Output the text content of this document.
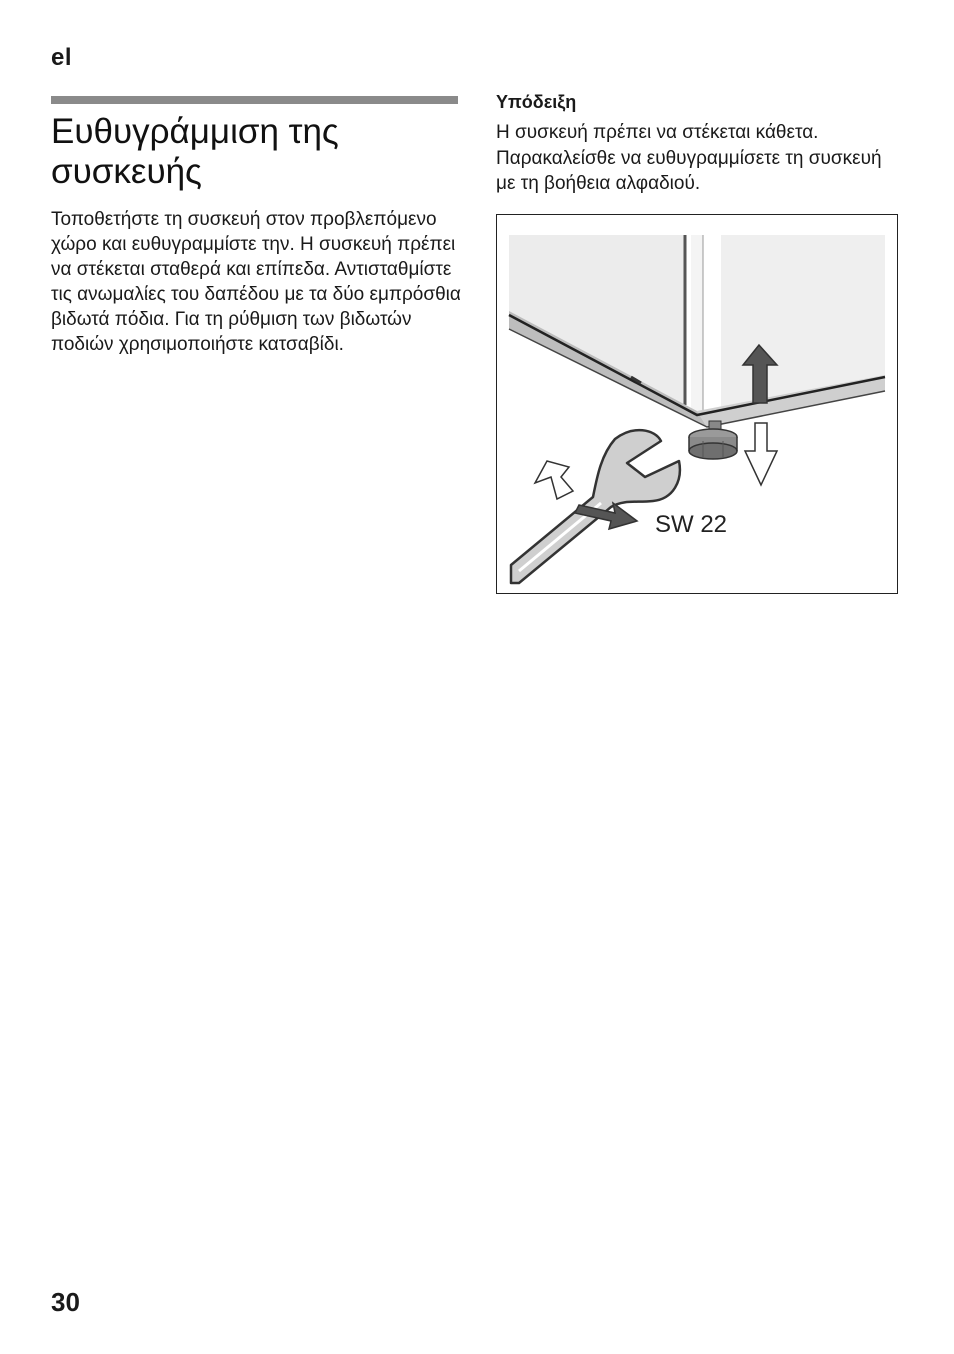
el
Ευθυγράμμιση της συσκευής

Τοποθετήστε τη συσκευή στον προβλεπόμενο χώρο και ευθυγραμμίστε την. Η συσκευή πρέπει να στέκεται σταθερά και επίπεδα. Αντισταθμίστε τις ανωμαλίες του δαπέδου με τα δύο εμπρόσθια βιδωτά πόδια. Για τη ρύθμιση των βιδωτών ποδιών χρησιμοποιήστε κατσαβίδι.

Υπόδειξη

Η συσκευή πρέπει να στέκεται κάθετα. Παρακαλείσθε να ευθυγραμμίσετε τη συσκευή με τη βοήθεια αλφαδιού.

SW 22
30
